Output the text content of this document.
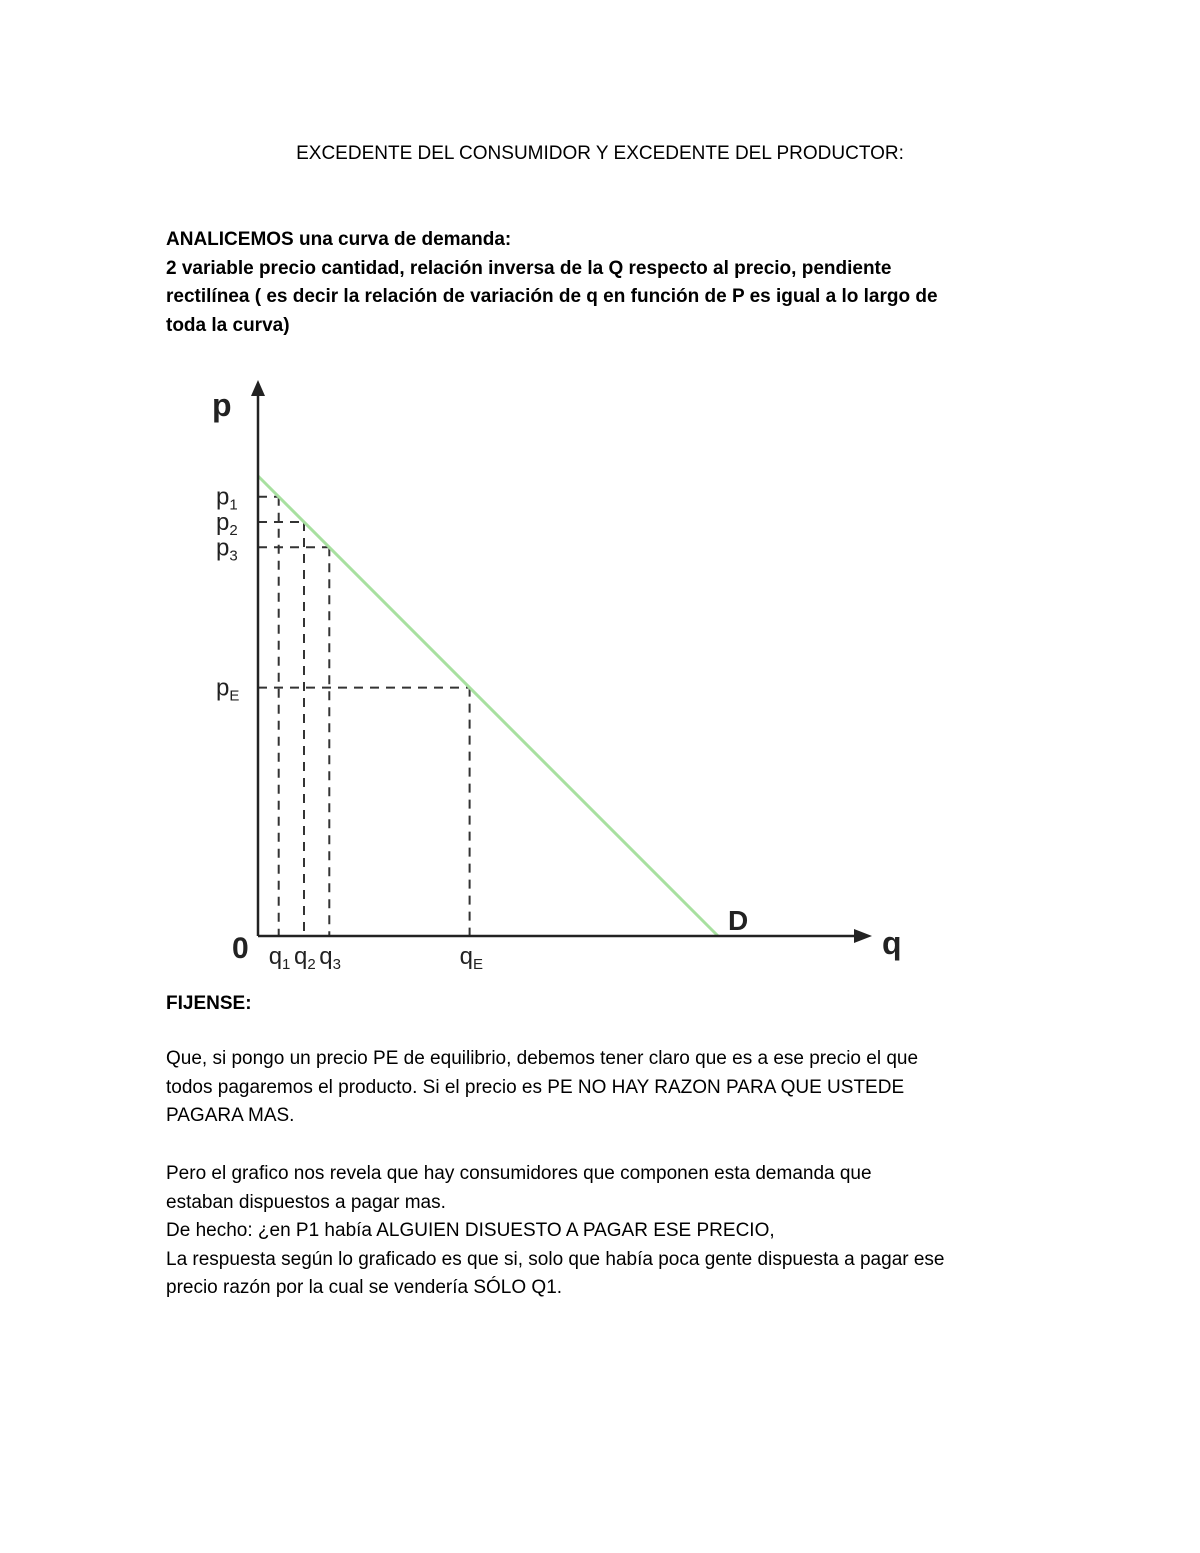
EXCEDENTE DEL CONSUMIDOR Y EXCEDENTE DEL PRODUCTOR:
ANALICEMOS una curva de demanda:
2 variable precio cantidad, relación inversa de la Q respecto al precio, pendiente
rectilínea ( es decir la relación de variación de q en función de P es igual a lo largo de
toda la curva)
$q_1$
$p_1$
$q_2$
$p_2$
$q_3$
$p_3$
$q_E$
$p_E$
p
q
0
D
FIJENSE:
Que, si pongo un precio PE de equilibrio, debemos tener claro que es a ese precio el que
todos pagaremos el producto. Si el precio es PE NO HAY RAZON PARA QUE USTEDE
PAGARA MAS.
Pero el grafico nos revela que hay consumidores que componen esta demanda que
estaban dispuestos a pagar mas.
De hecho: ¿en P1 había ALGUIEN DISUESTO A PAGAR ESE PRECIO,
La respuesta según lo graficado es que si, solo que había poca gente dispuesta a pagar ese
precio razón por la cual se vendería SÓLO Q1.
